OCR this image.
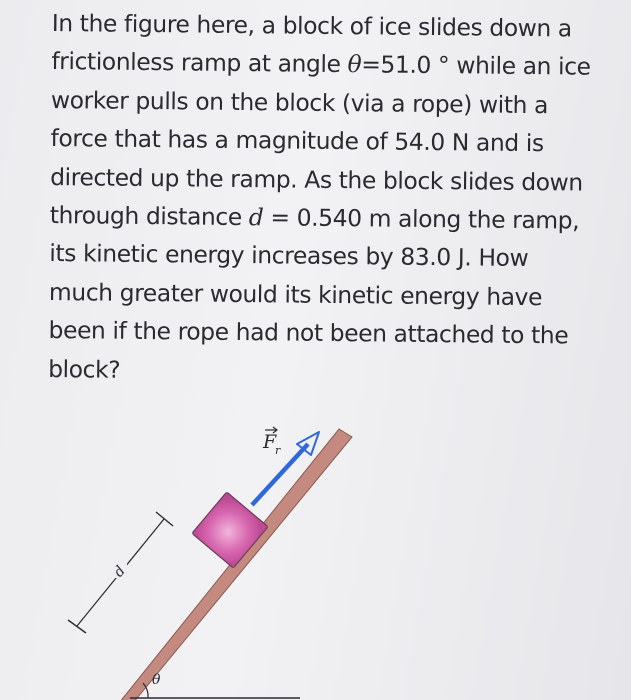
In the figure here, a block of ice slides down a
frictionless ramp at angle θ=51.0 ° while an ice
worker pulls on the block (via a rope) with a
force that has a magnitude of 54.0 N and is
directed up the ramp. As the block slides down
through distance d = 0.540 m along the ramp,
its kinetic energy increases by 83.0 J. How
much greater would its kinetic energy have
been if the rope had not been attached to the
block?
θ
F
r
d
